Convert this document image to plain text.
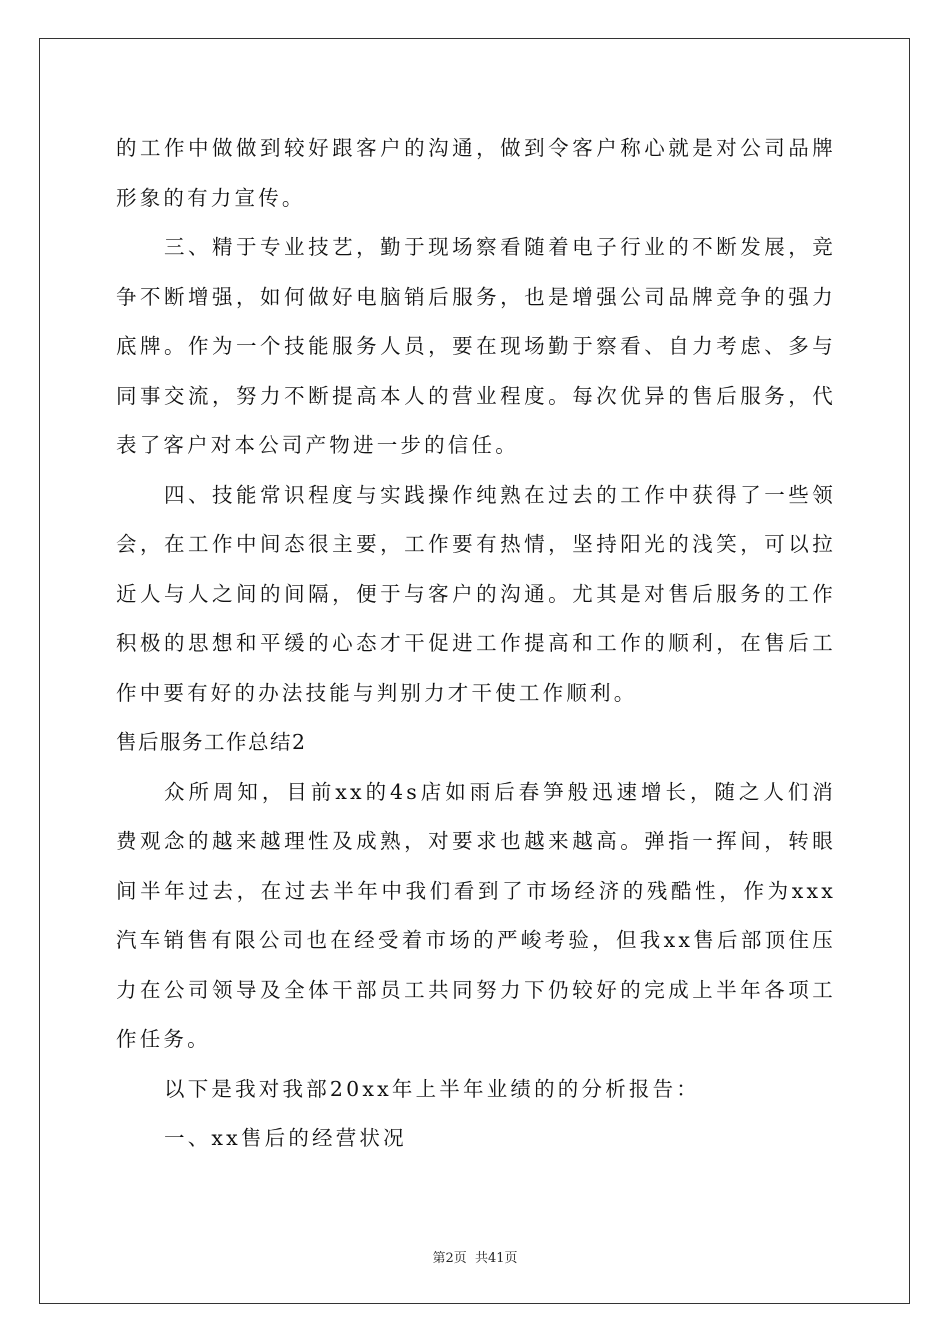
的工作中做做到较好跟客户的沟通，做到令客户称心就是对公司品牌形象的有力宣传。

三、精于专业技艺，勤于现场察看随着电子行业的不断发展，竞争不断增强，如何做好电脑销后服务，也是增强公司品牌竞争的强力底牌。作为一个技能服务人员，要在现场勤于察看、自力考虑、多与同事交流，努力不断提高本人的营业程度。每次优异的售后服务，代表了客户对本公司产物进一步的信任。

四、技能常识程度与实践操作纯熟在过去的工作中获得了一些领会，在工作中间态很主要，工作要有热情，坚持阳光的浅笑，可以拉近人与人之间的间隔，便于与客户的沟通。尤其是对售后服务的工作积极的思想和平缓的心态才干促进工作提高和工作的顺利，在售后工作中要有好的办法技能与判别力才干使工作顺利。

售后服务工作总结2

众所周知，目前xx的4s店如雨后春笋般迅速增长，随之人们消费观念的越来越理性及成熟，对要求也越来越高。弹指一挥间，转眼间半年过去，在过去半年中我们看到了市场经济的残酷性，作为xxx汽车销售有限公司也在经受着市场的严峻考验，但我xx售后部顶住压力在公司领导及全体干部员工共同努力下仍较好的完成上半年各项工作任务。

以下是我对我部20xx年上半年业绩的的分析报告：

一、xx售后的经营状况

第2页 共41页
